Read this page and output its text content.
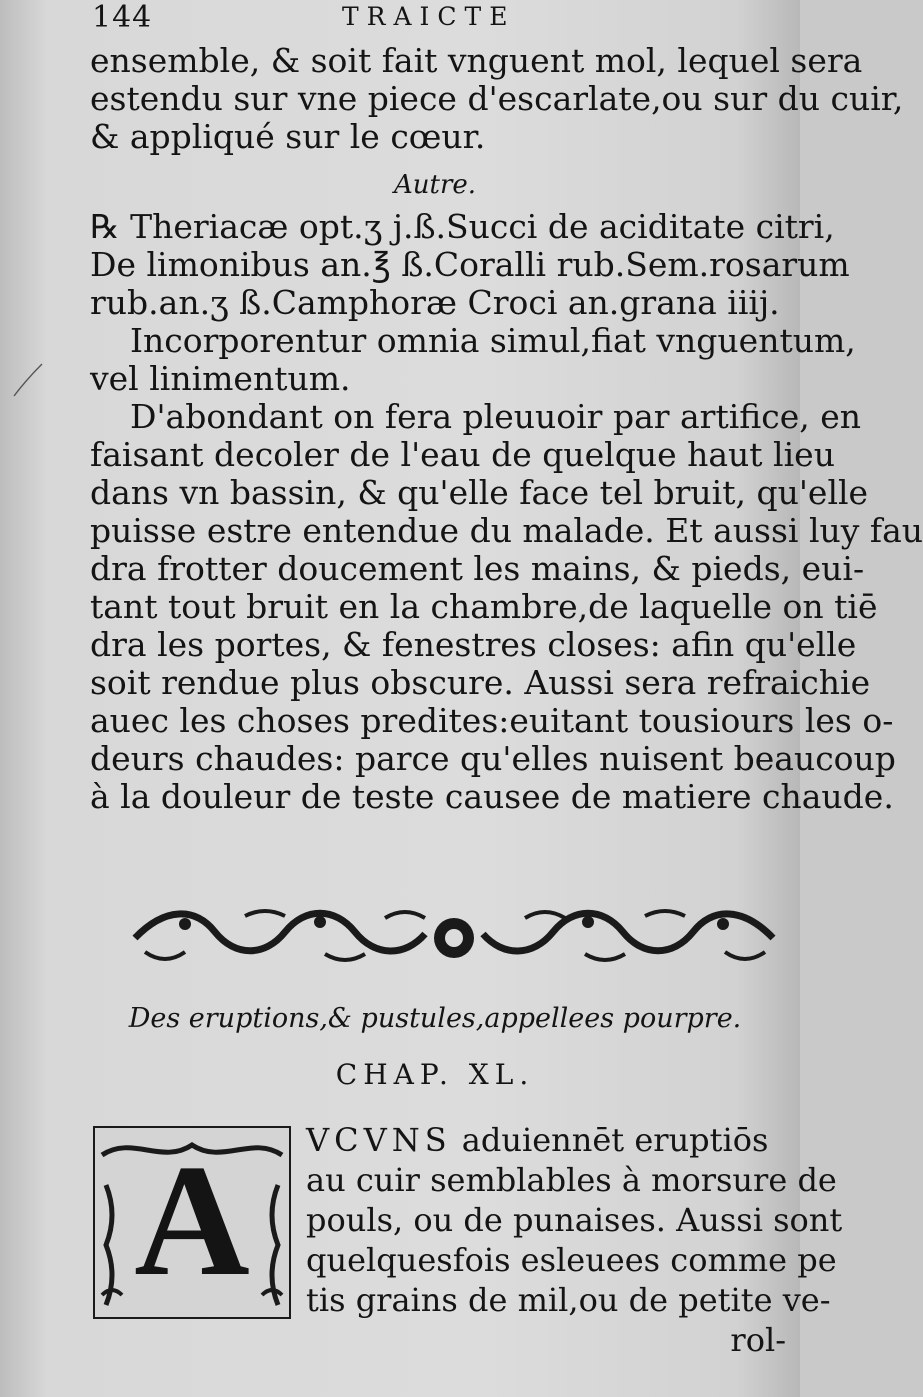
144	TRAICTE
ensemble, & soit fait vnguent mol, lequel sera
estendu sur vne piece d'escarlate,ou sur du cuir,
& appliqué sur le cœur.
Autre.
℞ Theriacæ opt.ʒ j.ß.Succi de aciditate citri,
De limonibus an.℥ ß.Coralli rub.Sem.rosarum
rub.an.ʒ ß.Camphoræ Croci an.grana iiij.
Incorporentur omnia simul,fiat vnguentum,
vel linimentum.
D'abondant on fera pleuuoir par artifice, en
faisant decoler de l'eau de quelque haut lieu
dans vn bassin, & qu'elle face tel bruit, qu'elle
puisse estre entendue du malade. Et aussi luy fau
dra frotter doucement les mains, & pieds, eui-
tant tout bruit en la chambre,de laquelle on tiē
dra les portes, & fenestres closes: afin qu'elle
soit rendue plus obscure. Aussi sera refraichie
auec les choses predites:euitant tousiours les o-
deurs chaudes: parce qu'elles nuisent beaucoup
à la douleur de teste causee de matiere chaude.
Des eruptions,& pustules,appellees pourpre.
CHAP. XL.
A	VCVNS aduiennēt eruptiōs
au cuir semblables à morsure de
pouls, ou de punaises. Aussi sont
quelquesfois esleuees comme pe
tis grains de mil,ou de petite ve-
rol-
